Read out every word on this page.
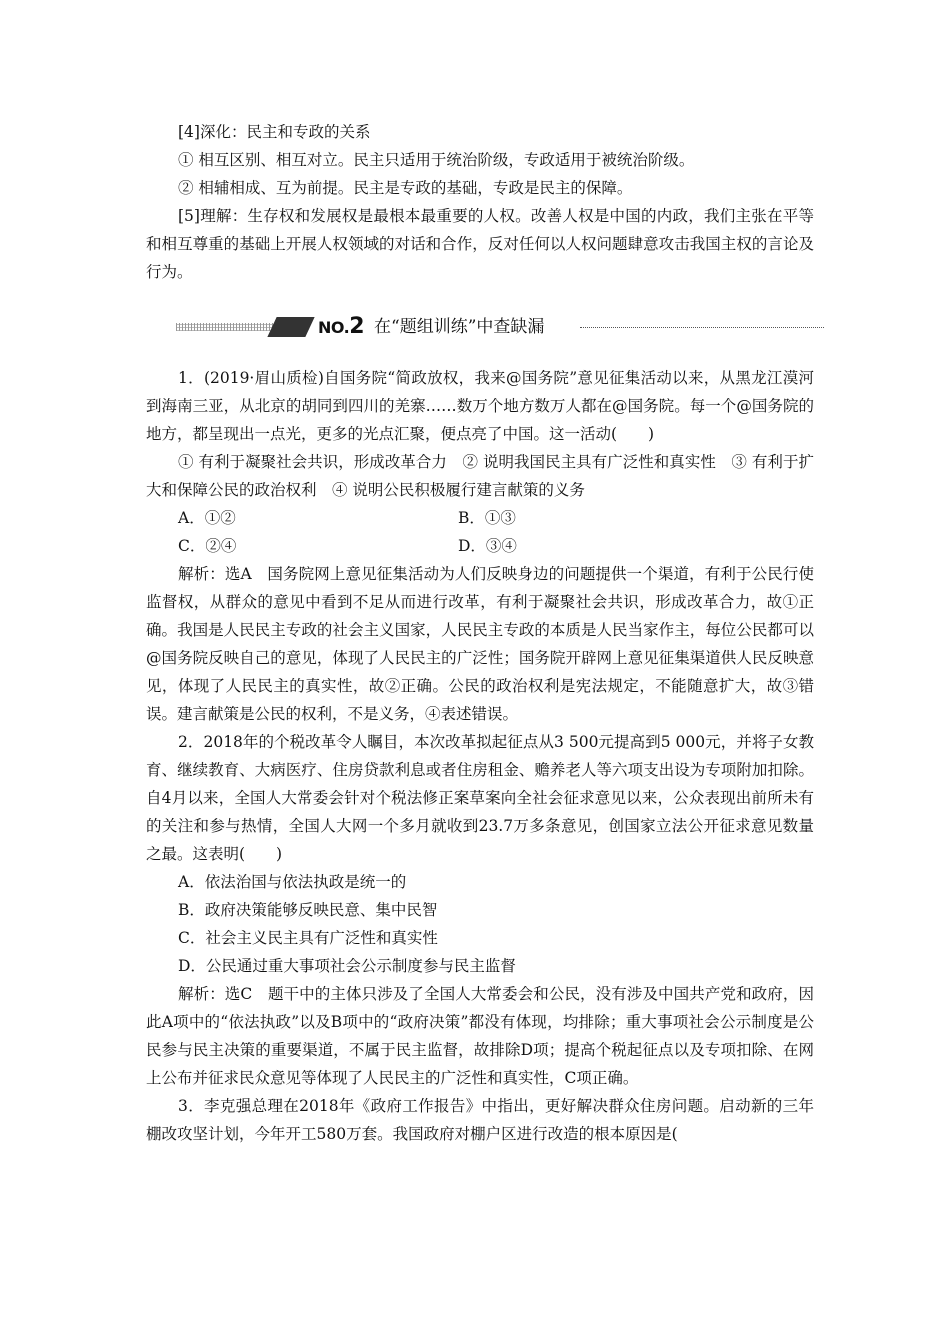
[4]深化：民主和专政的关系

① 相互区别、相互对立。民主只适用于统治阶级，专政适用于被统治阶级。

② 相辅相成、互为前提。民主是专政的基础，专政是民主的保障。

[5]理解：生存权和发展权是最根本最重要的人权。改善人权是中国的内政，我们主张在平等和相互尊重的基础上开展人权领域的对话和合作，反对任何以人权问题肆意攻击我国主权的言论及行为。

NO.2 在“题组训练”中查缺漏

1．(2019·眉山质检)自国务院“简政放权，我来@国务院”意见征集活动以来，从黑龙江漠河到海南三亚，从北京的胡同到四川的羌寨……数万个地方数万人都在@国务院。每一个@国务院的地方，都呈现出一点光，更多的光点汇聚，便点亮了中国。这一活动(　　)

① 有利于凝聚社会共识，形成改革合力　② 说明我国民主具有广泛性和真实性　③ 有利于扩大和保障公民的政治权利　④ 说明公民积极履行建言献策的义务

A．①②	B．①③
C．②④	D．③④

解析：选A　国务院网上意见征集活动为人们反映身边的问题提供一个渠道，有利于公民行使监督权，从群众的意见中看到不足从而进行改革，有利于凝聚社会共识，形成改革合力，故①正确。我国是人民民主专政的社会主义国家，人民民主专政的本质是人民当家作主，每位公民都可以@国务院反映自己的意见，体现了人民民主的广泛性；国务院开辟网上意见征集渠道供人民反映意见，体现了人民民主的真实性，故②正确。公民的政治权利是宪法规定，不能随意扩大，故③错误。建言献策是公民的权利，不是义务，④表述错误。

2．2018年的个税改革令人瞩目，本次改革拟起征点从3 500元提高到5 000元，并将子女教育、继续教育、大病医疗、住房贷款利息或者住房租金、赡养老人等六项支出设为专项附加扣除。自4月以来，全国人大常委会针对个税法修正案草案向全社会征求意见以来，公众表现出前所未有的关注和参与热情，全国人大网一个多月就收到23.7万多条意见，创国家立法公开征求意见数量之最。这表明(　　)

A．依法治国与依法执政是统一的

B．政府决策能够反映民意、集中民智

C．社会主义民主具有广泛性和真实性

D．公民通过重大事项社会公示制度参与民主监督

解析：选C　题干中的主体只涉及了全国人大常委会和公民，没有涉及中国共产党和政府，因此A项中的“依法执政”以及B项中的“政府决策”都没有体现，均排除；重大事项社会公示制度是公民参与民主决策的重要渠道，不属于民主监督，故排除D项；提高个税起征点以及专项扣除、在网上公布并征求民众意见等体现了人民民主的广泛性和真实性，C项正确。

3．李克强总理在2018年《政府工作报告》中指出，更好解决群众住房问题。启动新的三年棚改攻坚计划，今年开工580万套。我国政府对棚户区进行改造的根本原因是(
